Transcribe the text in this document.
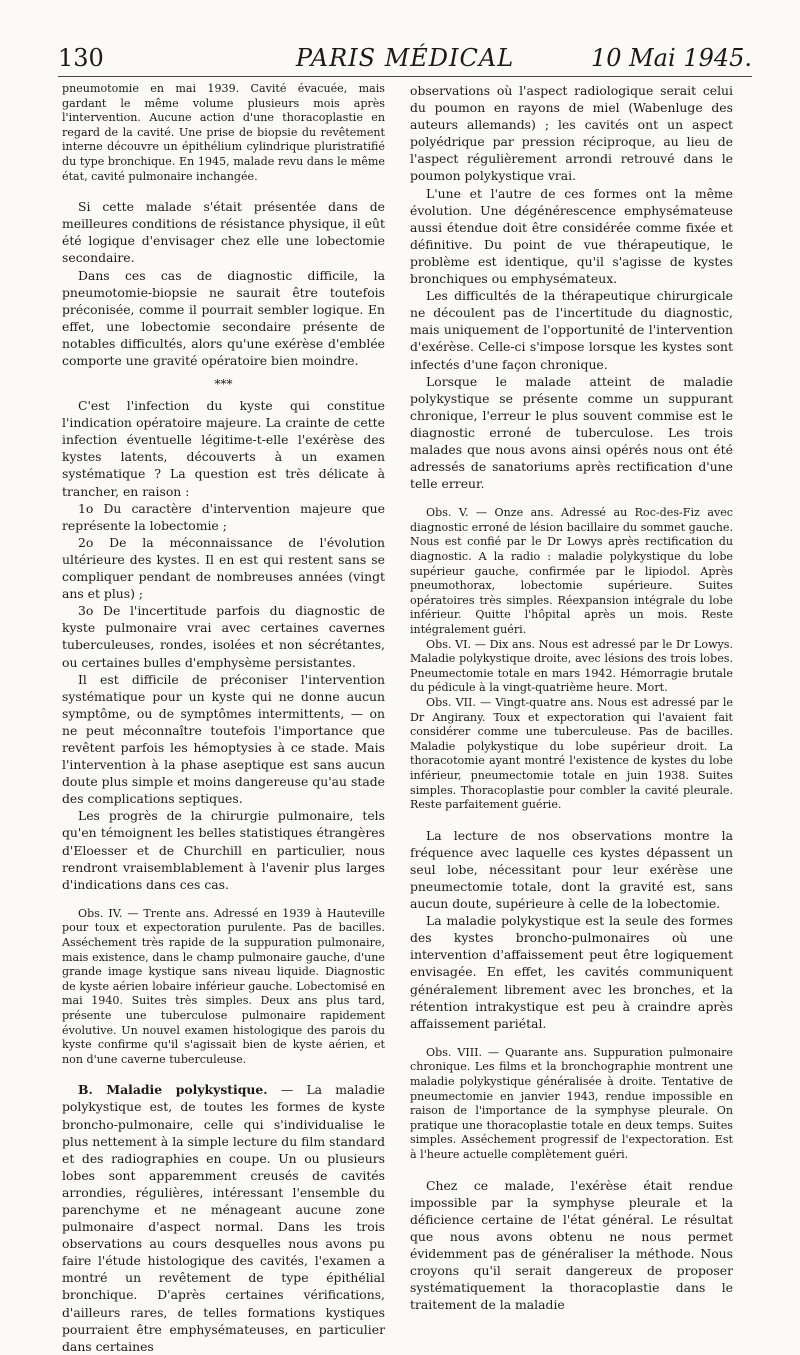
130	PARIS MÉDICAL	10 Mai 1945.

pneumotomie en mai 1939. Cavité évacuée, mais gardant le même volume plusieurs mois après l'intervention. Aucune action d'une thoracoplastie en regard de la cavité. Une prise de biopsie du revêtement interne découvre un épithélium cylindrique pluristratifié du type bronchique. En 1945, malade revu dans le même état, cavité pulmonaire inchangée.

Si cette malade s'était présentée dans de meilleures conditions de résistance physique, il eût été logique d'envisager chez elle une lobectomie secondaire.

Dans ces cas de diagnostic difficile, la pneumotomie-biopsie ne saurait être toutefois préconisée, comme il pourrait sembler logique. En effet, une lobectomie secondaire présente de notables difficultés, alors qu'une exérèse d'emblée comporte une gravité opératoire bien moindre.

***

C'est l'infection du kyste qui constitue l'indication opératoire majeure. La crainte de cette infection éventuelle légitime-t-elle l'exérèse des kystes latents, découverts à un examen systématique ? La question est très délicate à trancher, en raison :

1o Du caractère d'intervention majeure que représente la lobectomie ;

2o De la méconnaissance de l'évolution ultérieure des kystes. Il en est qui restent sans se compliquer pendant de nombreuses années (vingt ans et plus) ;

3o De l'incertitude parfois du diagnostic de kyste pulmonaire vrai avec certaines cavernes tuberculeuses, rondes, isolées et non sécrétantes, ou certaines bulles d'emphysème persistantes.

Il est difficile de préconiser l'intervention systématique pour un kyste qui ne donne aucun symptôme, ou de symptômes intermittents, — on ne peut méconnaître toutefois l'importance que revêtent parfois les hémoptysies à ce stade. Mais l'intervention à la phase aseptique est sans aucun doute plus simple et moins dangereuse qu'au stade des complications septiques.

Les progrès de la chirurgie pulmonaire, tels qu'en témoignent les belles statistiques étrangères d'Eloesser et de Churchill en particulier, nous rendront vraisemblablement à l'avenir plus larges d'indications dans ces cas.

Obs. IV. — Trente ans. Adressé en 1939 à Hauteville pour toux et expectoration purulente. Pas de bacilles. Asséchement très rapide de la suppuration pulmonaire, mais existence, dans le champ pulmonaire gauche, d'une grande image kystique sans niveau liquide. Diagnostic de kyste aérien lobaire inférieur gauche. Lobectomisé en mai 1940. Suites très simples. Deux ans plus tard, présente une tuberculose pulmonaire rapidement évolutive. Un nouvel examen histologique des parois du kyste confirme qu'il s'agissait bien de kyste aérien, et non d'une caverne tuberculeuse.

B. Maladie polykystique. — La maladie polykystique est, de toutes les formes de kyste broncho-pulmonaire, celle qui s'individualise le plus nettement à la simple lecture du film standard et des radiographies en coupe. Un ou plusieurs lobes sont apparemment creusés de cavités arrondies, régulières, intéressant l'ensemble du parenchyme et ne ménageant aucune zone pulmonaire d'aspect normal. Dans les trois observations au cours desquelles nous avons pu faire l'étude histologique des cavités, l'examen a montré un revêtement de type épithélial bronchique. D'après certaines vérifications, d'ailleurs rares, de telles formations kystiques pourraient être emphysémateuses, en particulier dans certaines

observations où l'aspect radiologique serait celui du poumon en rayons de miel (Wabenluge des auteurs allemands) ; les cavités ont un aspect polyédrique par pression réciproque, au lieu de l'aspect régulièrement arrondi retrouvé dans le poumon polykystique vrai.

L'une et l'autre de ces formes ont la même évolution. Une dégénérescence emphysémateuse aussi étendue doit être considérée comme fixée et définitive. Du point de vue thérapeutique, le problème est identique, qu'il s'agisse de kystes bronchiques ou emphysémateux.

Les difficultés de la thérapeutique chirurgicale ne découlent pas de l'incertitude du diagnostic, mais uniquement de l'opportunité de l'intervention d'exérèse. Celle-ci s'impose lorsque les kystes sont infectés d'une façon chronique.

Lorsque le malade atteint de maladie polykystique se présente comme un suppurant chronique, l'erreur le plus souvent commise est le diagnostic erroné de tuberculose. Les trois malades que nous avons ainsi opérés nous ont été adressés de sanatoriums après rectification d'une telle erreur.

Obs. V. — Onze ans. Adressé au Roc-des-Fiz avec diagnostic erroné de lésion bacillaire du sommet gauche. Nous est confié par le Dr Lowys après rectification du diagnostic. A la radio : maladie polykystique du lobe supérieur gauche, confirmée par le lipiodol. Après pneumothorax, lobectomie supérieure. Suites opératoires très simples. Réexpansion intégrale du lobe inférieur. Quitte l'hôpital après un mois. Reste intégralement guéri.

Obs. VI. — Dix ans. Nous est adressé par le Dr Lowys. Maladie polykystique droite, avec lésions des trois lobes. Pneumectomie totale en mars 1942. Hémorragie brutale du pédicule à la vingt-quatrième heure. Mort.

Obs. VII. — Vingt-quatre ans. Nous est adressé par le Dr Angirany. Toux et expectoration qui l'avaient fait considérer comme une tuberculeuse. Pas de bacilles. Maladie polykystique du lobe supérieur droit. La thoracotomie ayant montré l'existence de kystes du lobe inférieur, pneumectomie totale en juin 1938. Suites simples. Thoracoplastie pour combler la cavité pleurale. Reste parfaitement guérie.

La lecture de nos observations montre la fréquence avec laquelle ces kystes dépassent un seul lobe, nécessitant pour leur exérèse une pneumectomie totale, dont la gravité est, sans aucun doute, supérieure à celle de la lobectomie.

La maladie polykystique est la seule des formes des kystes broncho-pulmonaires où une intervention d'affaissement peut être logiquement envisagée. En effet, les cavités communiquent généralement librement avec les bronches, et la rétention intrakystique est peu à craindre après affaissement pariétal.

Obs. VIII. — Quarante ans. Suppuration pulmonaire chronique. Les films et la bronchographie montrent une maladie polykystique généralisée à droite. Tentative de pneumectomie en janvier 1943, rendue impossible en raison de l'importance de la symphyse pleurale. On pratique une thoracoplastie totale en deux temps. Suites simples. Asséchement progressif de l'expectoration. Est à l'heure actuelle complètement guéri.

Chez ce malade, l'exérèse était rendue impossible par la symphyse pleurale et la déficience certaine de l'état général. Le résultat que nous avons obtenu ne nous permet évidemment pas de généraliser la méthode. Nous croyons qu'il serait dangereux de proposer systématiquement la thoracoplastie dans le traitement de la maladie
